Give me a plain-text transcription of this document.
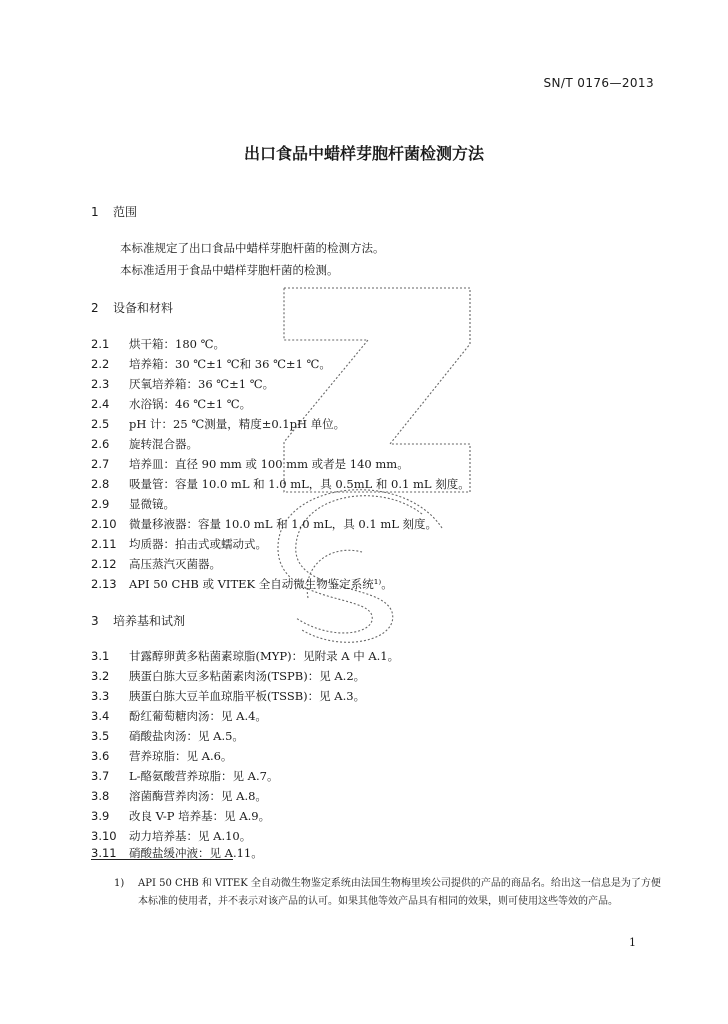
SN/T 0176—2013
出口食品中蜡样芽胞杆菌检测方法
1 范围
本标准规定了出口食品中蜡样芽胞杆菌的检测方法。
本标准适用于食品中蜡样芽胞杆菌的检测。
2 设备和材料
2.1 烘干箱：180 ℃。
2.2 培养箱：30 ℃±1 ℃和 36 ℃±1 ℃。
2.3 厌氧培养箱：36 ℃±1 ℃。
2.4 水浴锅：46 ℃±1 ℃。
2.5 pH 计：25 ℃测量，精度±0.1pH 单位。
2.6 旋转混合器。
2.7 培养皿：直径 90 mm 或 100 mm 或者是 140 mm。
2.8 吸量管：容量 10.0 mL 和 1.0 mL，具 0.5mL 和 0.1 mL 刻度。
2.9 显微镜。
2.10 微量移液器：容量 10.0 mL 和 1.0 mL，具 0.1 mL 刻度。
2.11 均质器：拍击式或蠕动式。
2.12 高压蒸汽灭菌器。
2.13 API 50 CHB 或 VITEK 全自动微生物鉴定系统¹⁾。
3 培养基和试剂
3.1 甘露醇卵黄多粘菌素琼脂(MYP)：见附录 A 中 A.1。
3.2 胰蛋白胨大豆多粘菌素肉汤(TSPB)：见 A.2。
3.3 胰蛋白胨大豆羊血琼脂平板(TSSB)：见 A.3。
3.4 酚红葡萄糖肉汤：见 A.4。
3.5 硝酸盐肉汤：见 A.5。
3.6 营养琼脂：见 A.6。
3.7 L-酪氨酸营养琼脂：见 A.7。
3.8 溶菌酶营养肉汤：见 A.8。
3.9 改良 V-P 培养基：见 A.9。
3.10 动力培养基：见 A.10。
3.11 硝酸盐缓冲液：见 A.11。
1) API 50 CHB 和 VITEK 全自动微生物鉴定系统由法国生物梅里埃公司提供的产品的商品名。给出这一信息是为了方便本标准的使用者，并不表示对该产品的认可。如果其他等效产品具有相同的效果，则可使用这些等效的产品。
1
